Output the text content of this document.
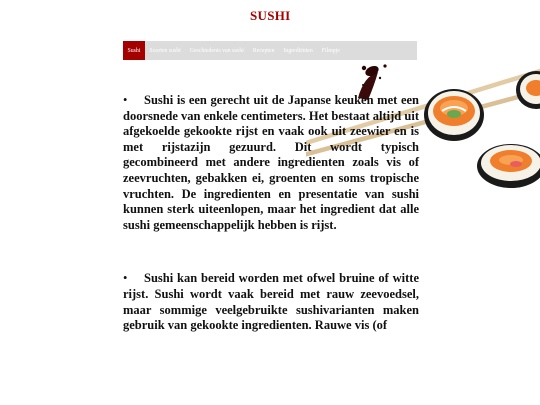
SUSHI
Sushi	Soorten sushi	Geschiedenis van sushi	Recepten	Ingrediënten	Filmpje

• Sushi is een gerecht uit de Japanse keuken met een doorsnede van enkele centimeters. Het bestaat altijd uit afgekoelde gekookte rijst en vaak ook uit zeewier en is met rijstazijn gezuurd. Dit wordt typisch gecombineerd met andere ingredienten zoals vis of zeevruchten, gebakken ei, groenten en soms tropische vruchten. De ingredienten en presentatie van sushi kunnen sterk uiteenlopen, maar het ingredient dat alle sushi gemeenschappelijk hebben is rijst.

• Sushi kan bereid worden met ofwel bruine of witte rijst. Sushi wordt vaak bereid met rauw zeevoedsel, maar sommige veelgebruikte sushivarianten maken gebruik van gekookte ingredienten. Rauwe vis (of
